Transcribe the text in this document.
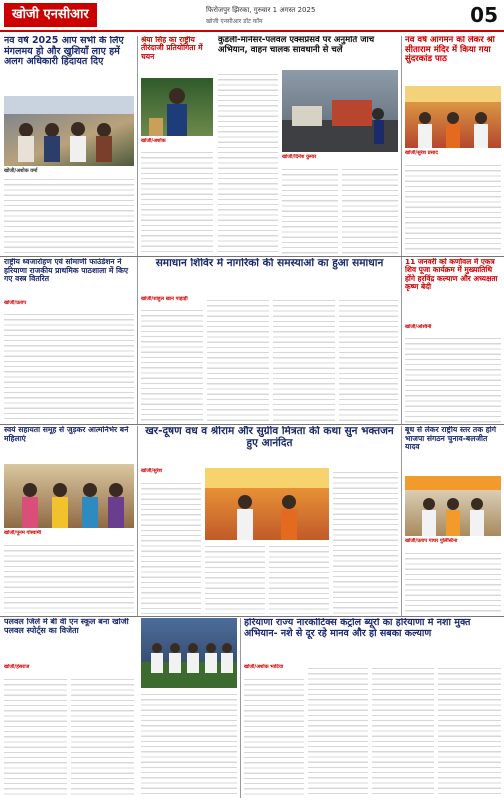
खोजी एनसीआर	फिरोजपुर झिरका, गुरुवार 1 अगस्त 2025
खोजी एनसीआर डॉट कॉम	05
नव वर्ष 2025 आप सभी के लिए मंगलमय हो और खुशियाँ लाए हमें अलग अधिकारी हिदायत दिए
खोजी/अशोक वर्मा
श्रेया सिंह का राष्ट्रीय तीरंदाजी प्रतियोगिता में चयन
खोजी/अशोक
कुंडली-मानेसर-पलवल एक्सप्रेसवे पर अनुमति जांच अभियान, वाहन चालक सावधानी से चलें
खोजी/दिनेश कुमार
नव वर्ष आगमन को लेकर श्री सीताराम मंदिर में किया गया सुंदरकांड पाठ
खोजी/सुरेश प्रसाद
राष्ट्रीय ध्वजारोहण एवं सोमाणी फाउंडेशन ने हरियाणा राजकीय प्राथमिक पाठशाला में किए गए वस्त्र वितरित
खोजी/प्रताप
समाधान शिविर में नागरिकों की समस्याओं का हुआ समाधान
खोजी/शाहुल खान पाहाड़ी
11 जनवरी को कर्णावल में एकत्र शिव पूजा कार्यक्रम में मुख्यातिथि होंगे हरविंद्र कल्याण और अध्यक्षता कृष्ण बेदी
खोजी/अश्विनी
स्वयं सहायता समूह से जुड़कर आत्मनिर्भर बनें महिलाएं
खोजी/पूनम गोस्वामी
खर-दूषण वध व श्रीराम और सुग्रीव मित्रता की कथा सुन भक्तजन हुए आनंदित
खोजी/सुरेश
बूथ से लेकर राष्ट्रीय स्तर तक होगे भाजपा संगठन चुनाव-बलजीत यादव
खोजी/प्रताप पाथर पुलिस्टिना
पलवल जिले में बी वी एन स्कूल बना खोजी पलवल स्पोर्ट्स का विजेता
खोजी/हंसराज
हरियाणा राज्य नारकोटिक्स कंट्रोल ब्यूरो का हरियाणा में नशा मुक्त अभियान- नशे से दूर रहे मानव और हो सबका कल्याण
खोजी/अशोक भाटिया
